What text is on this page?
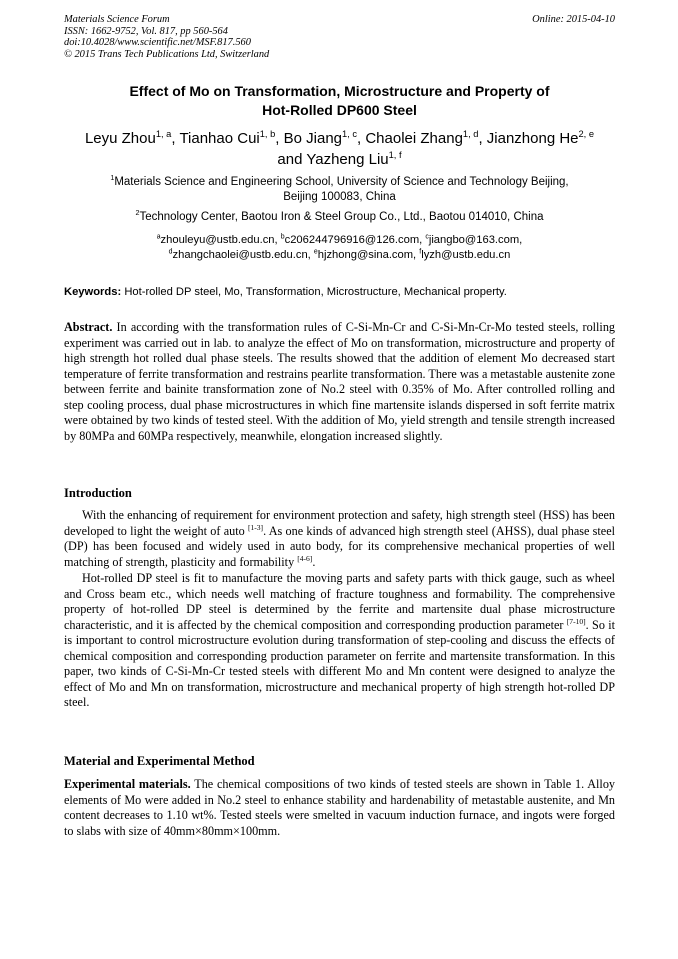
Materials Science Forum
ISSN: 1662-9752, Vol. 817, pp 560-564
doi:10.4028/www.scientific.net/MSF.817.560
© 2015 Trans Tech Publications Ltd, Switzerland
Online: 2015-04-10
Effect of Mo on Transformation, Microstructure and Property of
Hot-Rolled DP600 Steel
Leyu Zhou$^{1, a}$, Tianhao Cui$^{1, b}$, Bo Jiang$^{1, c}$, Chaolei Zhang$^{1, d}$, Jianzhong He$^{2, e}$
and Yazheng Liu$^{1, f}$
$^1$Materials Science and Engineering School, University of Science and Technology Beijing,
Beijing 100083, China
$^2$Technology Center, Baotou Iron & Steel Group Co., Ltd., Baotou 014010, China
$^a$zhouleyu@ustb.edu.cn, $^b$c206244796916@126.com, $^c$jiangbo@163.com,
$^d$zhangchaolei@ustb.edu.cn, $^e$hjzhong@sina.com, $^f$lyzh@ustb.edu.cn
Keywords: Hot-rolled DP steel, Mo, Transformation, Microstructure, Mechanical property.
Abstract. In according with the transformation rules of C-Si-Mn-Cr and C-Si-Mn-Cr-Mo tested steels, rolling experiment was carried out in lab. to analyze the effect of Mo on transformation, microstructure and property of high strength hot rolled dual phase steels. The results showed that the addition of element Mo decreased start temperature of ferrite transformation and restrains pearlite transformation. There was a metastable austenite zone between ferrite and bainite transformation zone of No.2 steel with 0.35% of Mo. After controlled rolling and step cooling process, dual phase microstructures in which fine martensite islands dispersed in soft ferrite matrix were obtained by two kinds of tested steel. With the addition of Mo, yield strength and tensile strength increased by 80MPa and 60MPa respectively, meanwhile, elongation increased slightly.
Introduction
With the enhancing of requirement for environment protection and safety, high strength steel (HSS) has been developed to light the weight of auto [1-3]. As one kinds of advanced high strength steel (AHSS), dual phase steel (DP) has been focused and widely used in auto body, for its comprehensive mechanical properties of well matching of strength, plasticity and formability [4-6].
Hot-rolled DP steel is fit to manufacture the moving parts and safety parts with thick gauge, such as wheel and Cross beam etc., which needs well matching of fracture toughness and formability. The comprehensive property of hot-rolled DP steel is determined by the ferrite and martensite dual phase microstructure characteristic, and it is affected by the chemical composition and corresponding production parameter [7-10]. So it is important to control microstructure evolution during transformation of step-cooling and discuss the effects of chemical composition and corresponding production parameter on ferrite and martensite transformation. In this paper, two kinds of C-Si-Mn-Cr tested steels with different Mo and Mn content were designed to analyze the effect of Mo and Mn on transformation, microstructure and mechanical property of high strength hot-rolled DP steel.
Material and Experimental Method
Experimental materials. The chemical compositions of two kinds of tested steels are shown in Table 1. Alloy elements of Mo were added in No.2 steel to enhance stability and hardenability of metastable austenite, and Mn content decreases to 1.10 wt%. Tested steels were smelted in vacuum induction furnace, and ingots were forged to slabs with size of 40mm×80mm×100mm.
